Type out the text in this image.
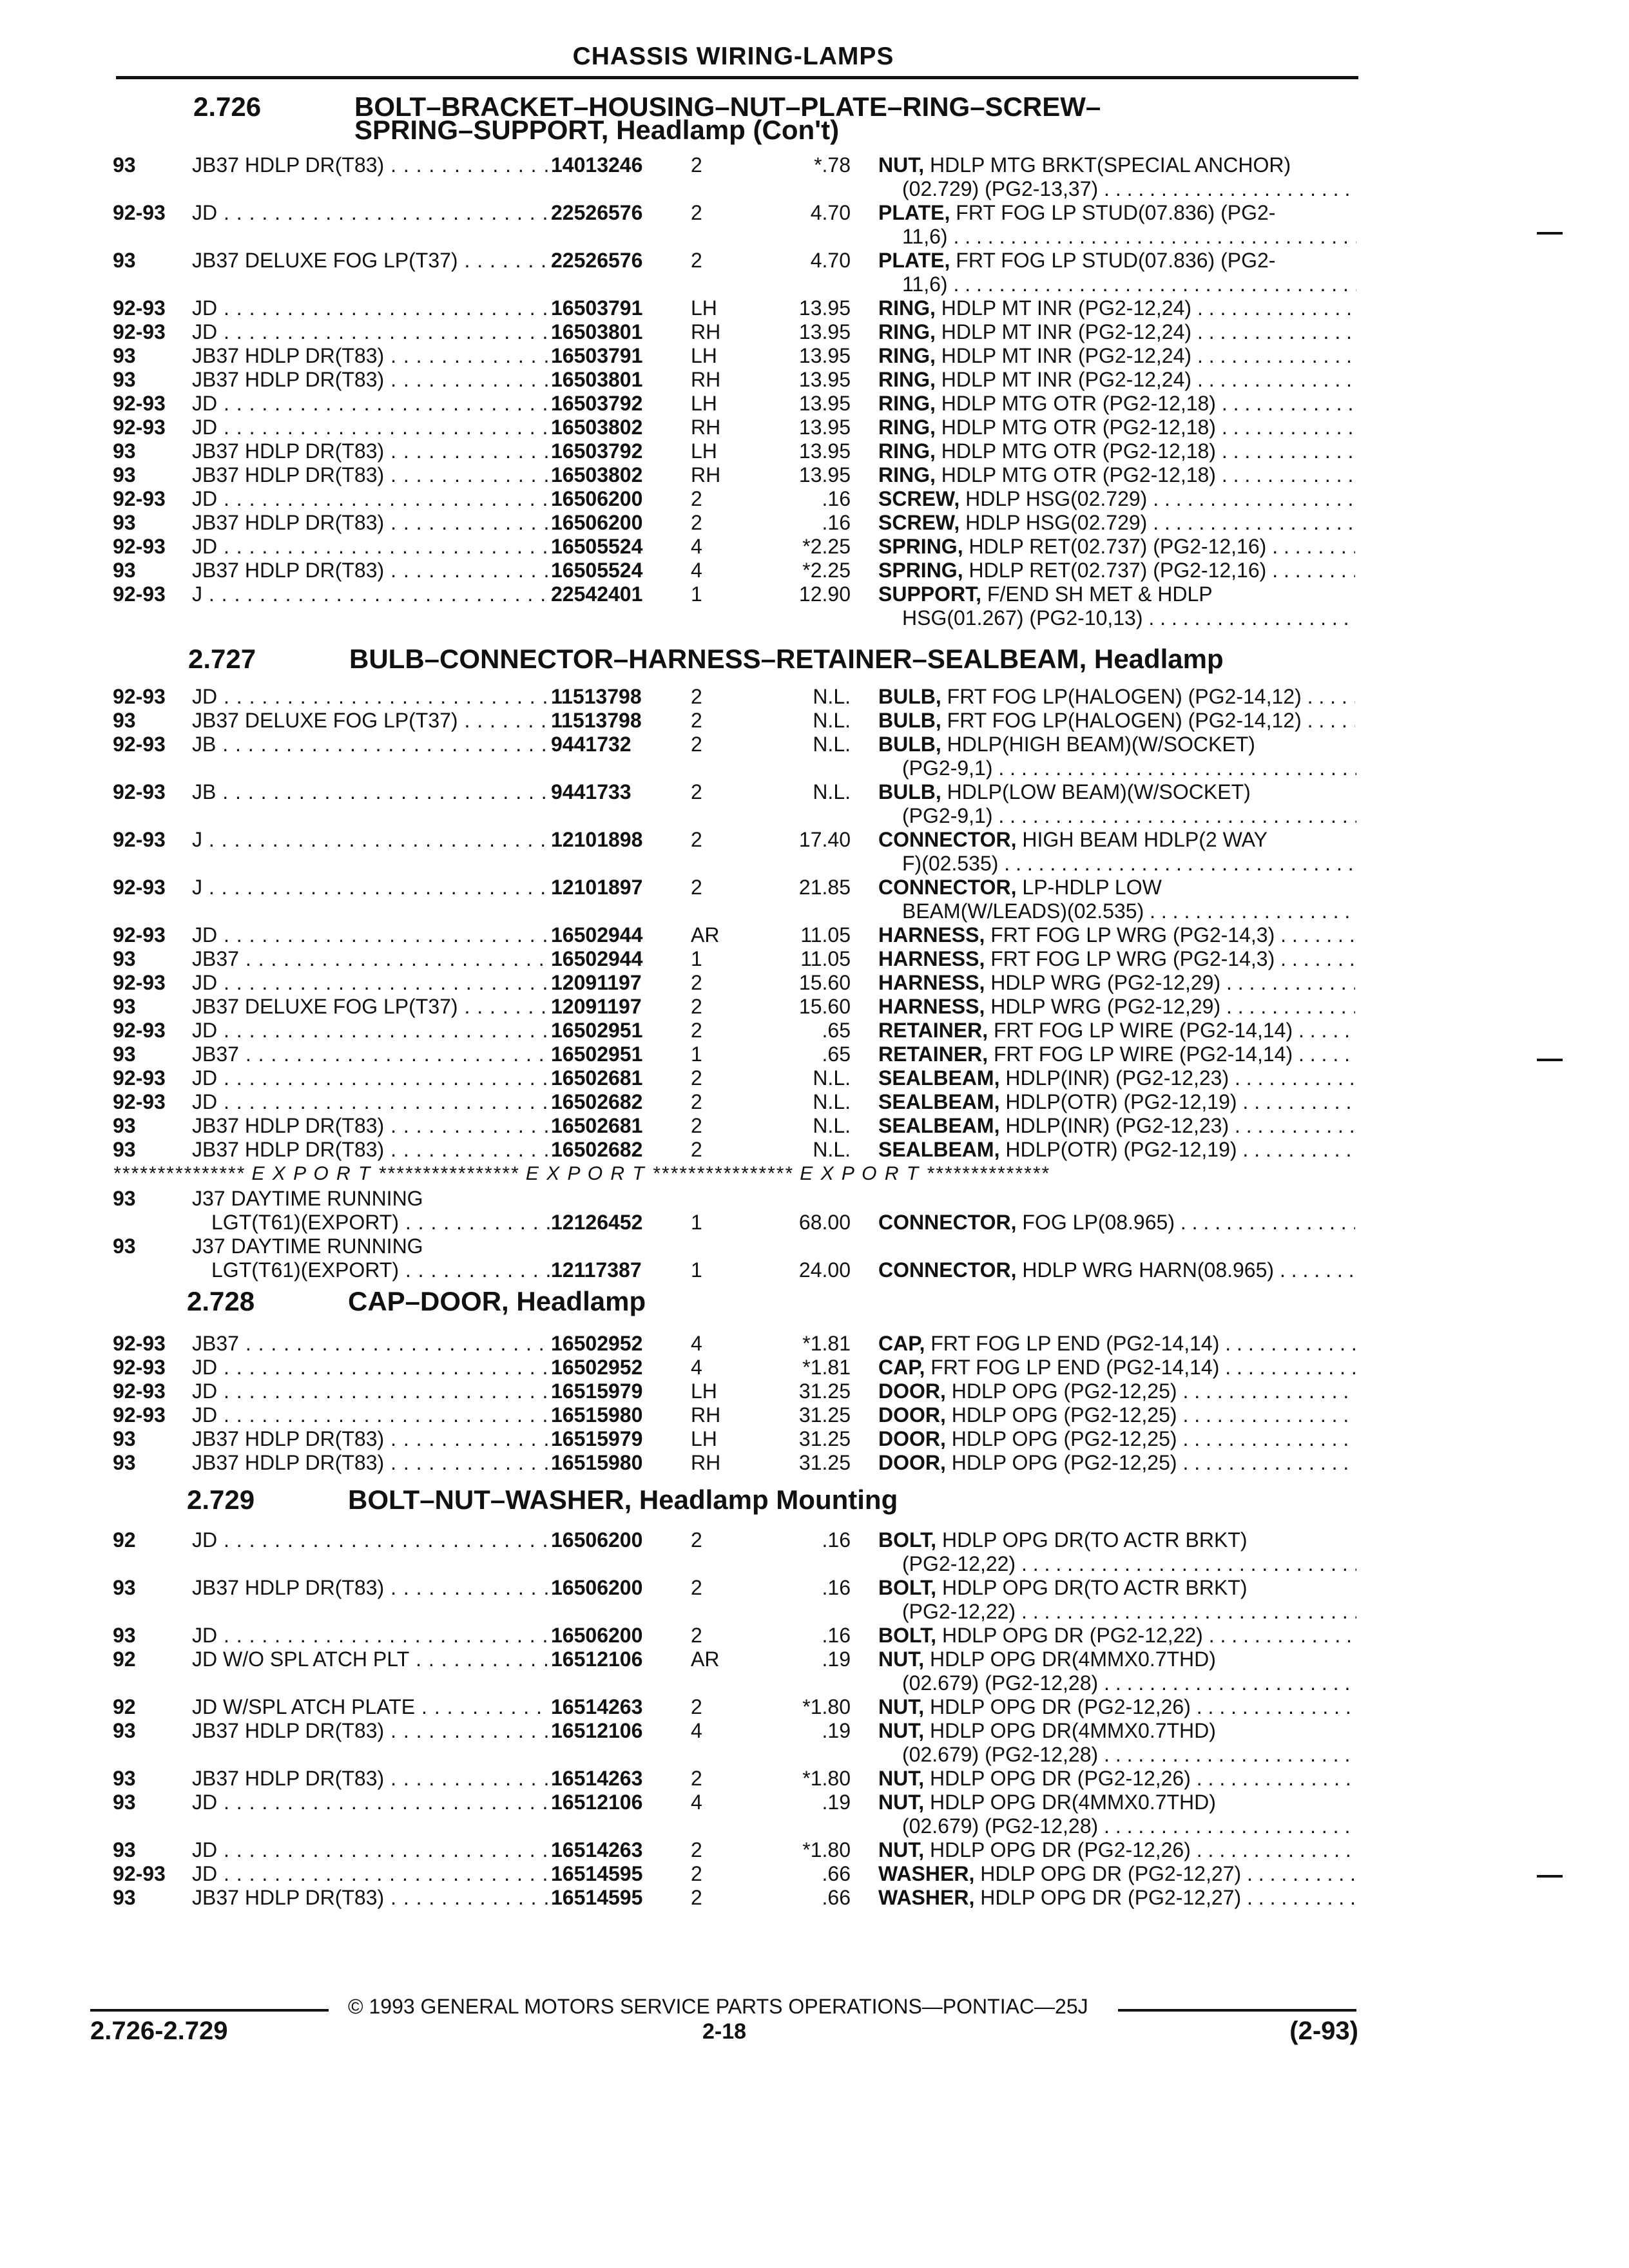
CHASSIS WIRING-LAMPS
2.726	BOLT–BRACKET–HOUSING–NUT–PLATE–RING–SCREW–
SPRING–SUPPORT, Headlamp (Con't)
93	JB37 HDLP DR(T83) . . .	14013246	2	*.78 NUT, HDLP MTG BRKT(SPECIAL ANCHOR)
(02.729) (PG2-13,37) . . .
92-93 JD . . .	22526576	2	4.70 PLATE, FRT FOG LP STUD(07.836) (PG2-
11,6) . . .
93	JB37 DELUXE FOG LP(T37) . . .	22526576	2	4.70 PLATE, FRT FOG LP STUD(07.836) (PG2-
11,6) . . .
92-93 JD . . .	16503791	LH	13.95 RING, HDLP MT INR (PG2-12,24) . . .
92-93 JD . . .	16503801	RH	13.95 RING, HDLP MT INR (PG2-12,24) . . .
93	JB37 HDLP DR(T83) . . .	16503791	LH	13.95 RING, HDLP MT INR (PG2-12,24) . . .
93	JB37 HDLP DR(T83) . . .	16503801	RH	13.95 RING, HDLP MT INR (PG2-12,24) . . .
92-93 JD . . .	16503792	LH	13.95 RING, HDLP MTG OTR (PG2-12,18) . . .
92-93 JD . . .	16503802	RH	13.95 RING, HDLP MTG OTR (PG2-12,18) . . .
93	JB37 HDLP DR(T83) . . .	16503792	LH	13.95 RING, HDLP MTG OTR (PG2-12,18) . . .
93	JB37 HDLP DR(T83) . . .	16503802	RH	13.95 RING, HDLP MTG OTR (PG2-12,18) . . .
92-93 JD . . .	16506200	2	.16 SCREW, HDLP HSG(02.729) . . .
93	JB37 HDLP DR(T83) . . .	16506200	2	.16 SCREW, HDLP HSG(02.729) . . .
92-93 JD . . .	16505524	4	*2.25 SPRING, HDLP RET(02.737) (PG2-12,16) . . .
93	JB37 HDLP DR(T83) . . .	16505524	4	*2.25 SPRING, HDLP RET(02.737) (PG2-12,16) . . .
92-93 J . . .	22542401	1	12.90 SUPPORT, F/END SH MET & HDLP
HSG(01.267) (PG2-10,13) . . .
2.727	BULB–CONNECTOR–HARNESS–RETAINER–SEALBEAM, Headlamp
92-93 JD . . .	11513798	2	N.L. BULB, FRT FOG LP(HALOGEN) (PG2-14,12) . . .
93	JB37 DELUXE FOG LP(T37) . . .	11513798	2	N.L. BULB, FRT FOG LP(HALOGEN) (PG2-14,12) . . .
92-93 JB . . .	9441732	2	N.L. BULB, HDLP(HIGH BEAM)(W/SOCKET)
(PG2-9,1) . . .
92-93 JB . . .	9441733	2	N.L. BULB, HDLP(LOW BEAM)(W/SOCKET)
(PG2-9,1) . . .
92-93 J . . .	12101898	2	17.40 CONNECTOR, HIGH BEAM HDLP(2 WAY
F)(02.535) . . .
92-93 J . . .	12101897	2	21.85 CONNECTOR, LP-HDLP LOW
BEAM(W/LEADS)(02.535) . . .
92-93 JD . . .	16502944	AR	11.05 HARNESS, FRT FOG LP WRG (PG2-14,3) . . .
93	JB37 . . .	16502944	1	11.05 HARNESS, FRT FOG LP WRG (PG2-14,3) . . .
92-93 JD . . .	12091197	2	15.60 HARNESS, HDLP WRG (PG2-12,29) . . .
93	JB37 DELUXE FOG LP(T37) . . .	12091197	2	15.60 HARNESS, HDLP WRG (PG2-12,29) . . .
92-93 JD . . .	16502951	2	.65 RETAINER, FRT FOG LP WIRE (PG2-14,14) . . .
93	JB37 . . .	16502951	1	.65 RETAINER, FRT FOG LP WIRE (PG2-14,14) . . .
92-93 JD . . .	16502681	2	N.L. SEALBEAM, HDLP(INR) (PG2-12,23) . . .
92-93 JD . . .	16502682	2	N.L. SEALBEAM, HDLP(OTR) (PG2-12,19) . . .
93	JB37 HDLP DR(T83) . . .	16502681	2	N.L. SEALBEAM, HDLP(INR) (PG2-12,23) . . .
93	JB37 HDLP DR(T83) . . .	16502682	2	N.L. SEALBEAM, HDLP(OTR) (PG2-12,19) . . .
*************** E X P O R T **************** E X P O R T **************** E X P O R T **************
93	J37 DAYTIME RUNNING
LGT(T61)(EXPORT) . . .	12126452	1	68.00 CONNECTOR, FOG LP(08.965) . . .
93	J37 DAYTIME RUNNING
LGT(T61)(EXPORT) . . .	12117387	1	24.00 CONNECTOR, HDLP WRG HARN(08.965) . . .
2.728	CAP–DOOR, Headlamp
92-93 JB37 . . .	16502952	4	*1.81 CAP, FRT FOG LP END (PG2-14,14) . . .
92-93 JD . . .	16502952	4	*1.81 CAP, FRT FOG LP END (PG2-14,14) . . .
92-93 JD . . .	16515979	LH	31.25 DOOR, HDLP OPG (PG2-12,25) . . .
92-93 JD . . .	16515980	RH	31.25 DOOR, HDLP OPG (PG2-12,25) . . .
93	JB37 HDLP DR(T83) . . .	16515979	LH	31.25 DOOR, HDLP OPG (PG2-12,25) . . .
93	JB37 HDLP DR(T83) . . .	16515980	RH	31.25 DOOR, HDLP OPG (PG2-12,25) . . .
2.729	BOLT–NUT–WASHER, Headlamp Mounting
92	JD . . .	16506200	2	.16 BOLT, HDLP OPG DR(TO ACTR BRKT)
(PG2-12,22) . . .
93	JB37 HDLP DR(T83) . . .	16506200	2	.16 BOLT, HDLP OPG DR(TO ACTR BRKT)
(PG2-12,22) . . .
93	JD . . .	16506200	2	.16 BOLT, HDLP OPG DR (PG2-12,22) . . .
92	JD W/O SPL ATCH PLT . . .	16512106	AR	.19 NUT, HDLP OPG DR(4MMX0.7THD)
(02.679) (PG2-12,28) . . .
92	JD W/SPL ATCH PLATE . . .	16514263	2	*1.80 NUT, HDLP OPG DR (PG2-12,26) . . .
93	JB37 HDLP DR(T83) . . .	16512106	4	.19 NUT, HDLP OPG DR(4MMX0.7THD)
(02.679) (PG2-12,28) . . .
93	JB37 HDLP DR(T83) . . .	16514263	2	*1.80 NUT, HDLP OPG DR (PG2-12,26) . . .
93	JD . . .	16512106	4	.19 NUT, HDLP OPG DR(4MMX0.7THD)
(02.679) (PG2-12,28) . . .
93	JD . . .	16514263	2	*1.80 NUT, HDLP OPG DR (PG2-12,26) . . .
92-93 JD . . .	16514595	2	.66 WASHER, HDLP OPG DR (PG2-12,27) . . .
93	JB37 HDLP DR(T83) . . .	16514595	2	.66 WASHER, HDLP OPG DR (PG2-12,27) . . .
© 1993 GENERAL MOTORS SERVICE PARTS OPERATIONS—PONTIAC—25J
2.726-2.729	2-18	(2-93)
